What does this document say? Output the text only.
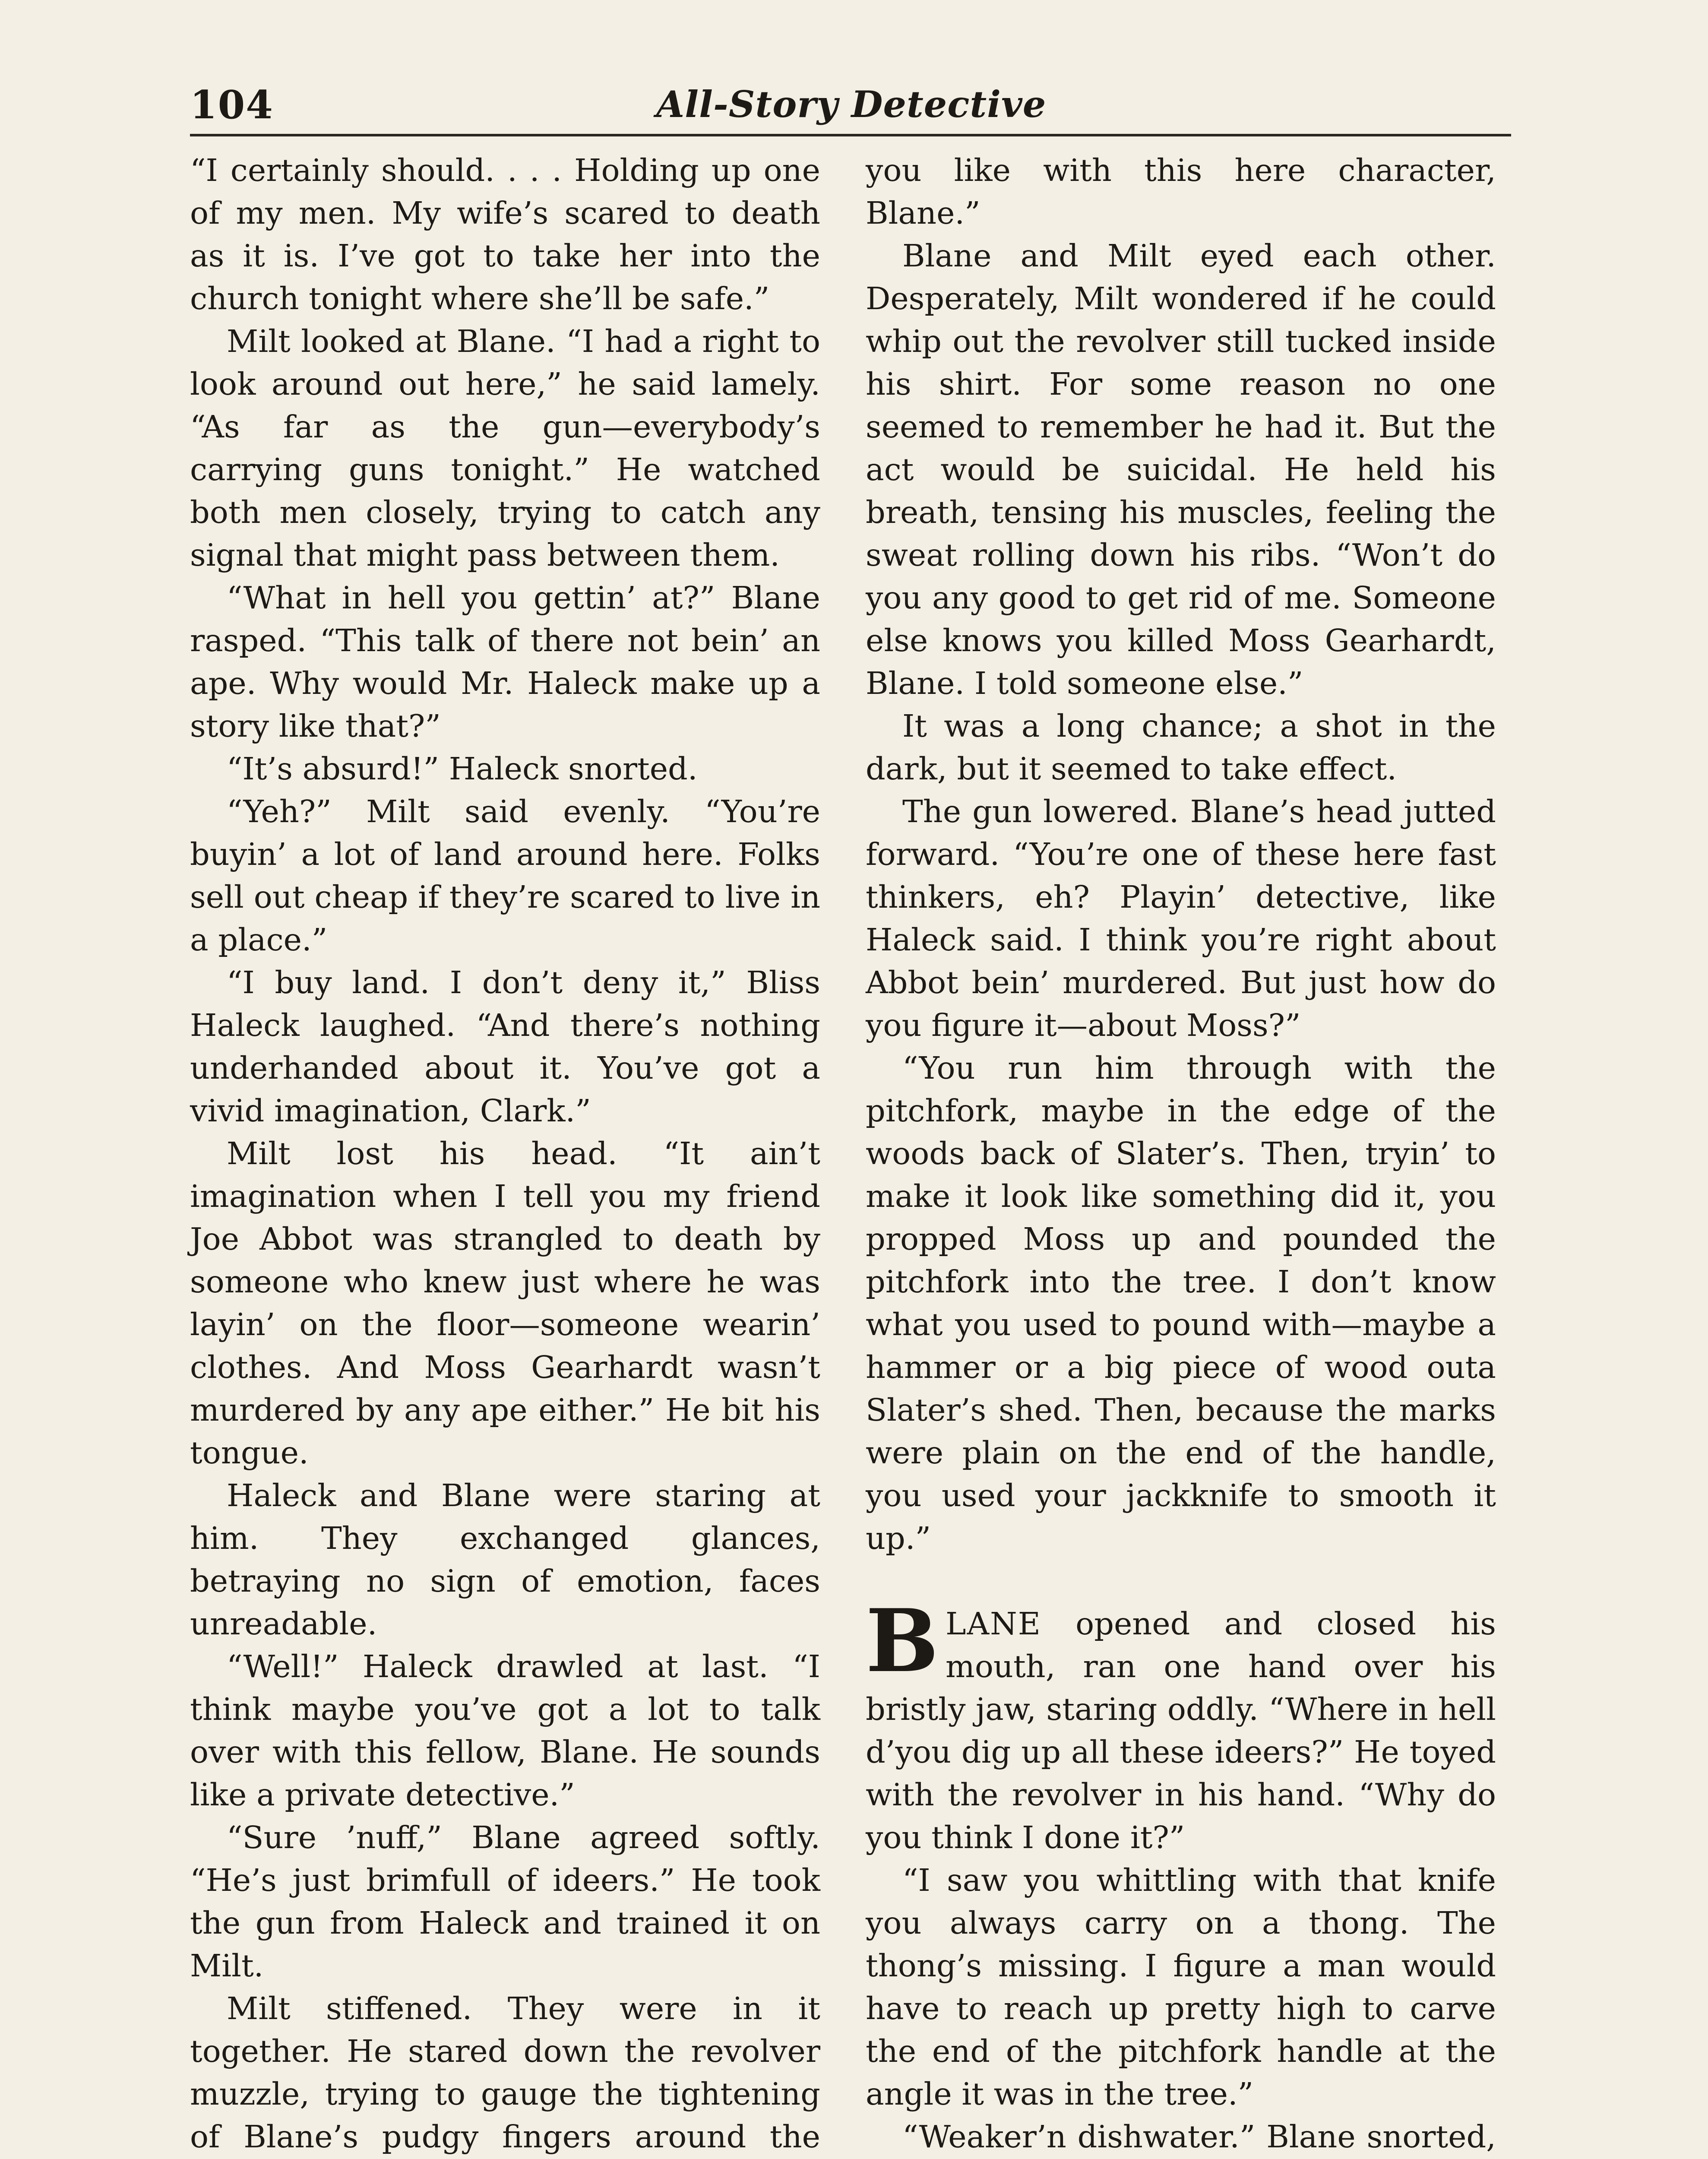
104	All-Story Detective

“I certainly should. . . . Holding up one of my men. My wife’s scared to death as it is. I’ve got to take her into the church tonight where she’ll be safe.”

Milt looked at Blane. “I had a right to look around out here,” he said lamely. “As far as the gun—everybody’s carrying guns tonight.” He watched both men closely, trying to catch any signal that might pass between them.

“What in hell you gettin’ at?” Blane rasped. “This talk of there not bein’ an ape. Why would Mr. Haleck make up a story like that?”

“It’s absurd!” Haleck snorted.

“Yeh?” Milt said evenly. “You’re buyin’ a lot of land around here. Folks sell out cheap if they’re scared to live in a place.”

“I buy land. I don’t deny it,” Bliss Haleck laughed. “And there’s nothing underhanded about it. You’ve got a vivid imagination, Clark.”

Milt lost his head. “It ain’t imagination when I tell you my friend Joe Abbot was strangled to death by someone who knew just where he was layin’ on the floor—someone wearin’ clothes. And Moss Gearhardt wasn’t murdered by any ape either.” He bit his tongue.

Haleck and Blane were staring at him. They exchanged glances, betraying no sign of emotion, faces unreadable.

“Well!” Haleck drawled at last. “I think maybe you’ve got a lot to talk over with this fellow, Blane. He sounds like a private detective.”

“Sure ’nuff,” Blane agreed softly. “He’s just brimfull of ideers.” He took the gun from Haleck and trained it on Milt.

Milt stiffened. They were in it together. He stared down the revolver muzzle, trying to gauge the tightening of Blane’s pudgy fingers around the

you like with this here character, Blane.”

Blane and Milt eyed each other. Desperately, Milt wondered if he could whip out the revolver still tucked inside his shirt. For some reason no one seemed to remember he had it. But the act would be suicidal. He held his breath, tensing his muscles, feeling the sweat rolling down his ribs. “Won’t do you any good to get rid of me. Someone else knows you killed Moss Gearhardt, Blane. I told someone else.”

It was a long chance; a shot in the dark, but it seemed to take effect.

The gun lowered. Blane’s head jutted forward. “You’re one of these here fast thinkers, eh? Playin’ detective, like Haleck said. I think you’re right about Abbot bein’ murdered. But just how do you figure it—about Moss?”

“You run him through with the pitchfork, maybe in the edge of the woods back of Slater’s. Then, tryin’ to make it look like something did it, you propped Moss up and pounded the pitchfork into the tree. I don’t know what you used to pound with—maybe a hammer or a big piece of wood outa Slater’s shed. Then, because the marks were plain on the end of the handle, you used your jackknife to smooth it up.”

BLANE opened and closed his mouth, ran one hand over his bristly jaw, staring oddly. “Where in hell d’you dig up all these ideers?” He toyed with the revolver in his hand. “Why do you think I done it?”

“I saw you whittling with that knife you always carry on a thong. The thong’s missing. I figure a man would have to reach up pretty high to carve the end of the pitchfork handle at the angle it was in the tree.”

“Weaker’n dishwater.” Blane snorted,
